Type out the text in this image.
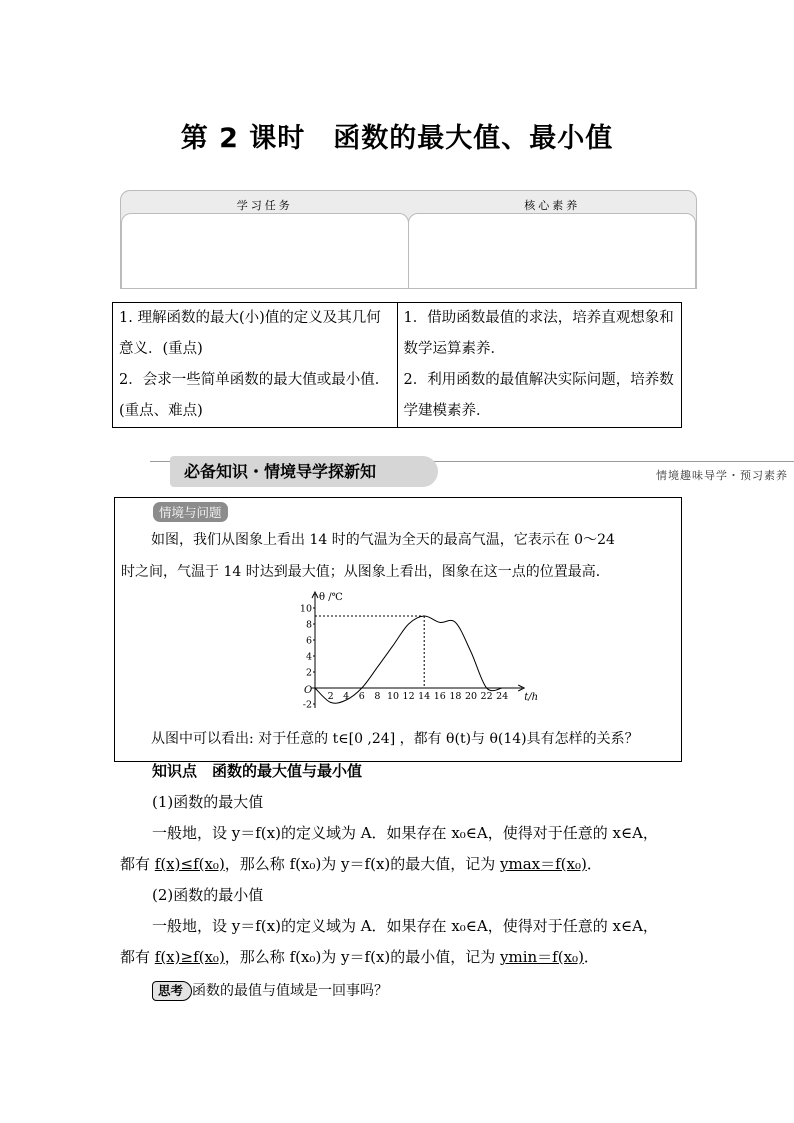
第 2 课时　函数的最大值、最小值
学习任务	核心素养
1. 理解函数的最大(小)值的定义及其几何意义．(重点)
2．会求一些简单函数的最大值或最小值．(重点、难点)

1．借助函数最值的求法，培养直观想象和数学运算素养．
2．利用函数的最值解决实际问题，培养数学建模素养．
必备知识・情境导学探新知	情境趣味导学・预习素养
情境与问题
如图，我们从图象上看出 14 时的气温为全天的最高气温，它表示在 0～24
时之间，气温于 14 时达到最大值；从图象上看出，图象在这一点的位置最高．
θ /℃
t/h
O
2 4 6 8 10 12 14 16 18 20 22 24
10
8
6
4
2
-2
从图中可以看出: 对于任意的 t∈[0 ,24] ，都有 θ(t)与 θ(14)具有怎样的关系？
知识点　函数的最大值与最小值
(1)函数的最大值
一般地，设 y＝f(x)的定义域为 A．如果存在 x₀∈A，使得对于任意的 x∈A，
都有 f(x)≤f(x₀)，那么称 f(x₀)为 y＝f(x)的最大值，记为 ymax＝f(x₀)．
(2)函数的最小值
一般地，设 y＝f(x)的定义域为 A．如果存在 x₀∈A，使得对于任意的 x∈A，
都有 f(x)≥f(x₀)，那么称 f(x₀)为 y＝f(x)的最小值，记为 ymin＝f(x₀)．
思考 函数的最值与值域是一回事吗？
